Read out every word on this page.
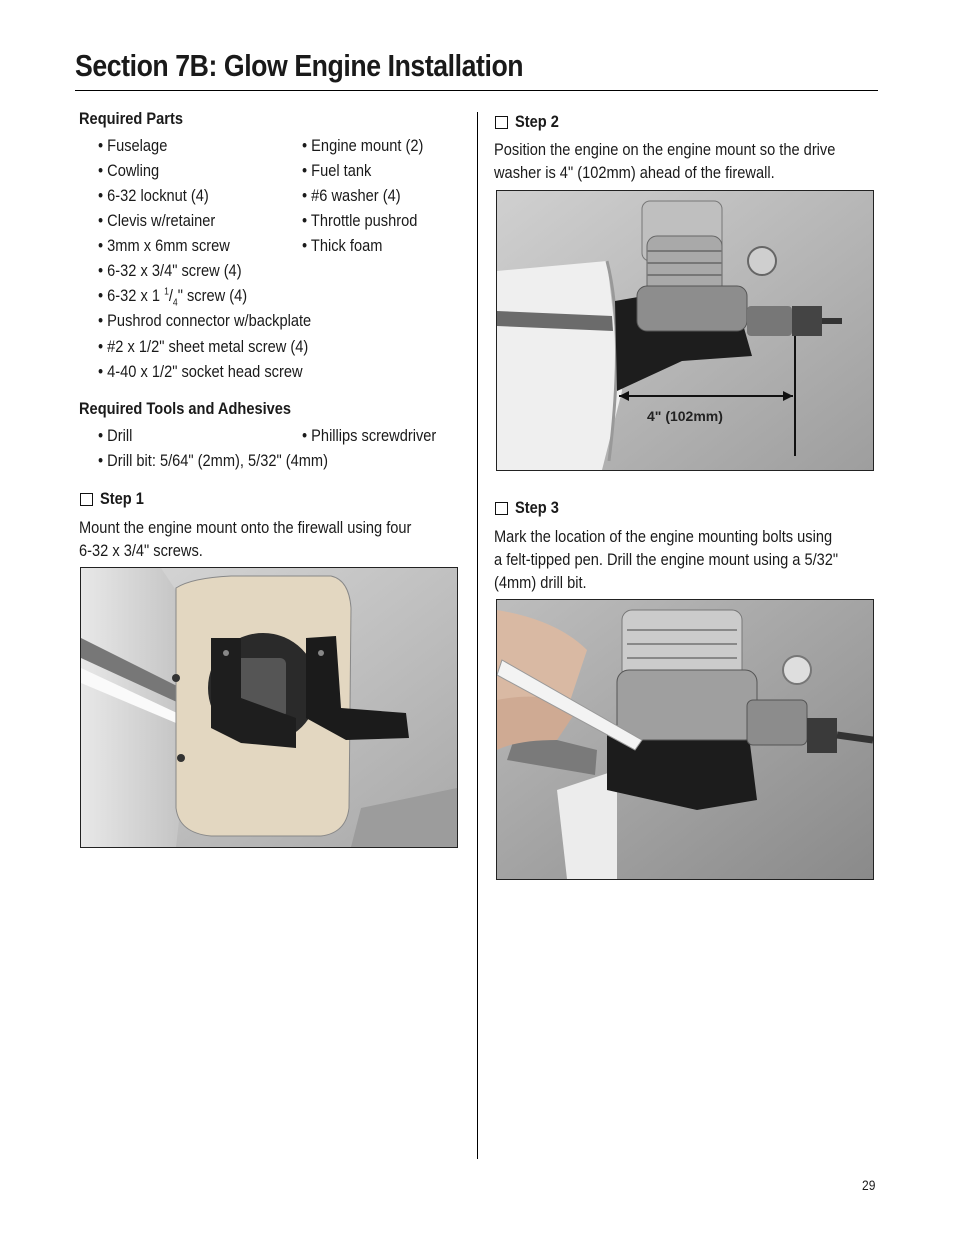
Section 7B: Glow Engine Installation
Required Parts
• Fuselage
• Cowling
• 6-32 locknut (4)
• Clevis w/retainer
• 3mm x 6mm screw
• 6-32 x 3/4" screw (4)
• 6-32 x 1 $^1/_4$" screw (4)
• Pushrod connector w/backplate
• #2 x 1/2" sheet metal screw (4)
• 4-40 x 1/2" socket head screw
• Engine mount (2)
• Fuel tank
• #6 washer (4)
• Throttle pushrod
• Thick foam
Required Tools and Adhesives
• Drill
• Drill bit: 5/64" (2mm), 5/32" (4mm)
• Phillips screwdriver
Step 1
Mount the engine mount onto the firewall using four
6-32 x 3/4" screws.
Step 2
Position the engine on the engine mount so the drive
washer is 4" (102mm) ahead of the firewall.
4" (102mm)
Step 3
Mark the location of the engine mounting bolts using
a felt-tipped pen. Drill the engine mount using a 5/32"
(4mm) drill bit.
29
